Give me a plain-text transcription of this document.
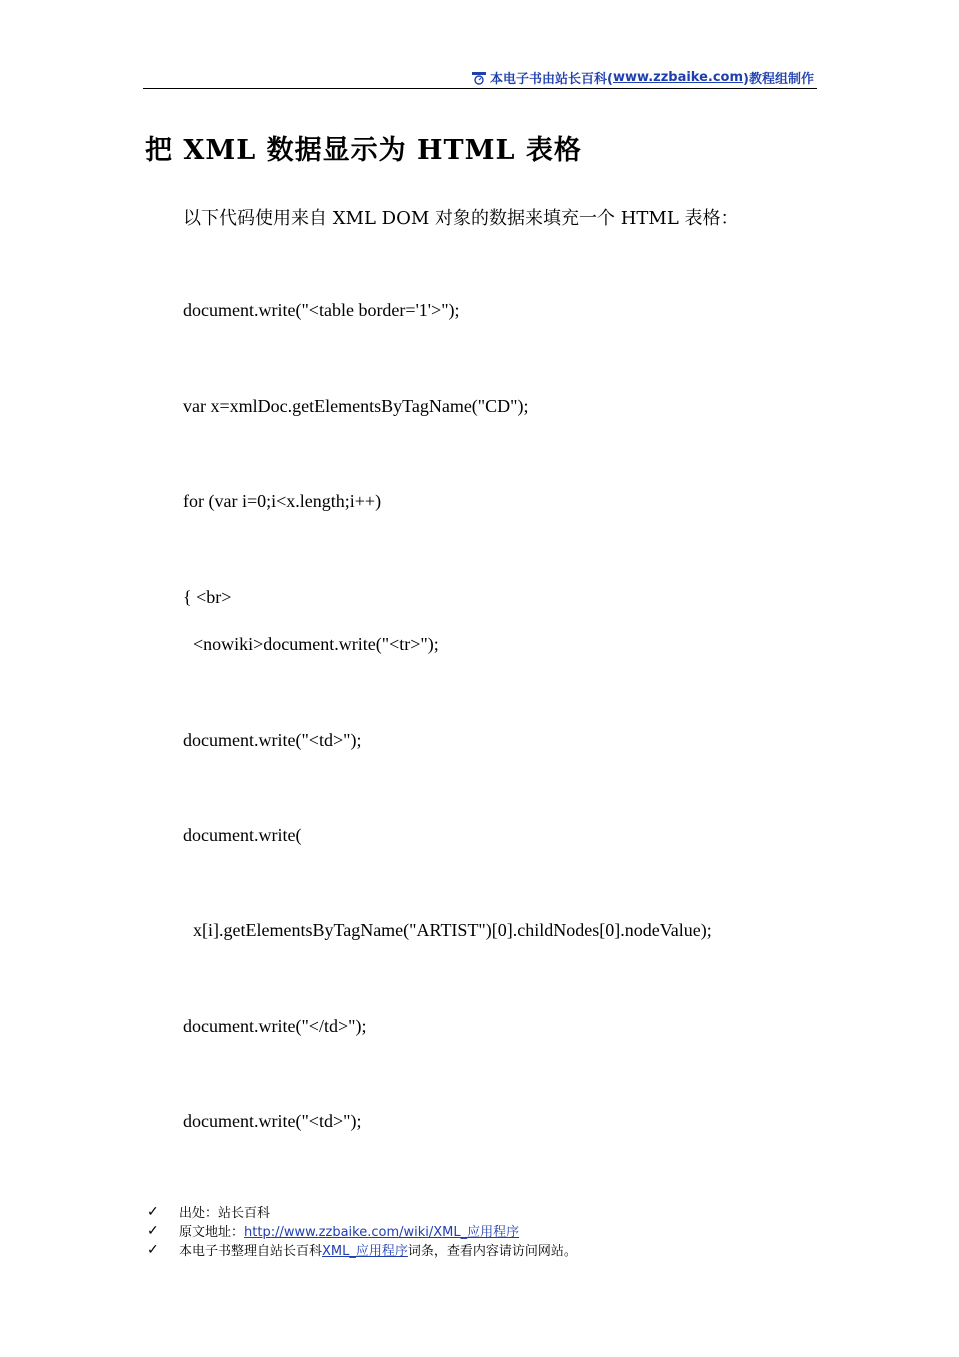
本电子书由站长百科( www.zzbaike.com )教程组制作
把 XML 数据显示为 HTML 表格
以下代码使用来自 XML DOM 对象的数据来填充一个 HTML 表格：
document.write("<table border='1'>");
var x=xmlDoc.getElementsByTagName("CD");
for (var i=0;i<x.length;i++)
{ <br>
<nowiki>document.write("<tr>");
document.write("<td>");
document.write(
x[i].getElementsByTagName("ARTIST")[0].childNodes[0].nodeValue);
document.write("</td>");
document.write("<td>");
✓	出处：站长百科
✓	原文地址： http://www.zzbaike.com/wiki/XML_应用程序
✓	本电子书整理自站长百科 XML_应用程序 词条，查看内容请访问网站。
